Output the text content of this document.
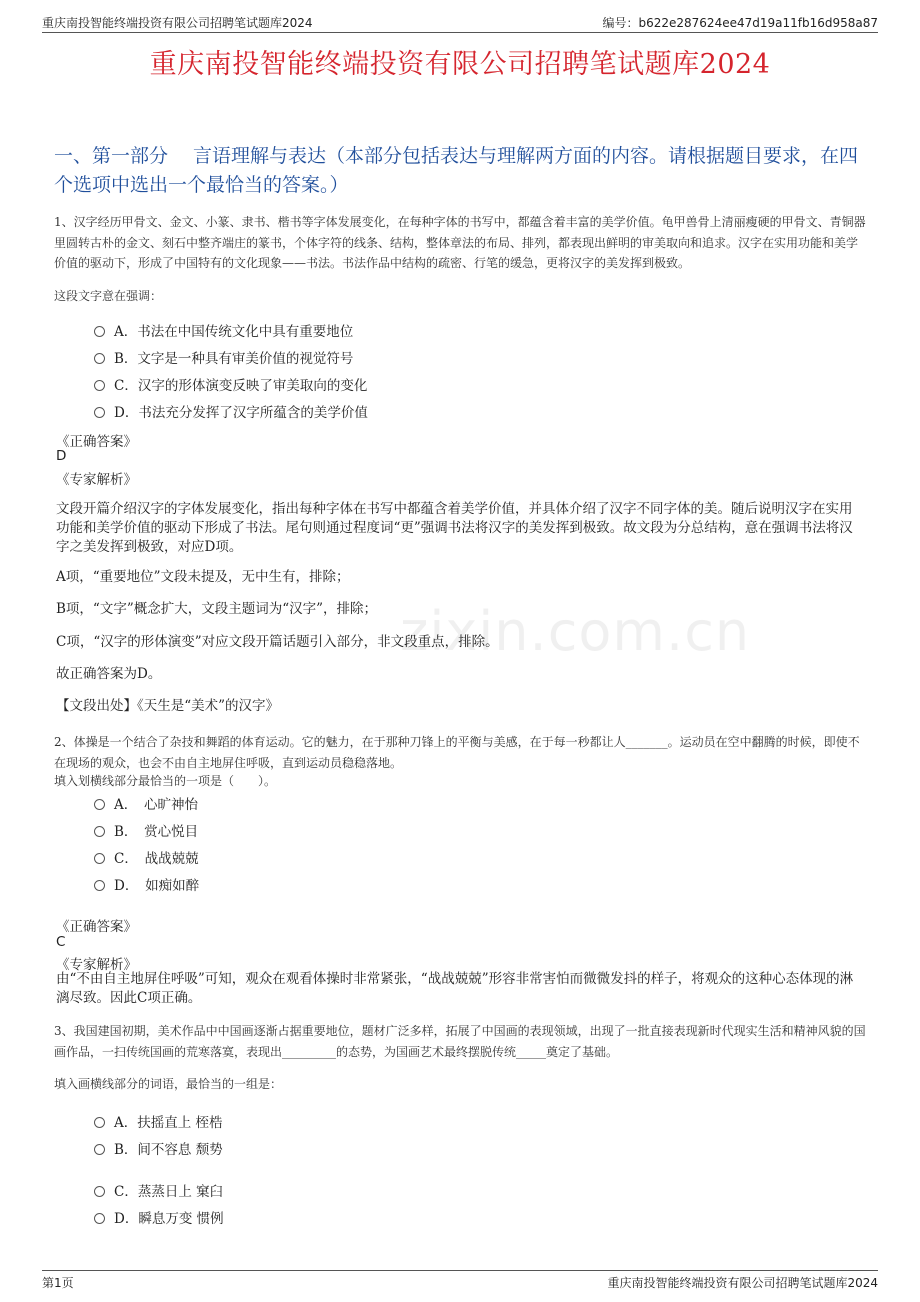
重庆南投智能终端投资有限公司招聘笔试题库2024	编号：b622e287624ee47d19a11fb16d958a87
重庆南投智能终端投资有限公司招聘笔试题库2024
一、第一部分　 言语理解与表达（本部分包括表达与理解两方面的内容。请根据题目要求，在四个选项中选出一个最恰当的答案。）
1、汉字经历甲骨文、金文、小篆、隶书、楷书等字体发展变化，在每种字体的书写中，都蕴含着丰富的美学价值。龟甲兽骨上清丽瘦硬的甲骨文、青铜器里圆转古朴的金文、刻石中整齐端庄的篆书，个体字符的线条、结构，整体章法的布局、排列，都表现出鲜明的审美取向和追求。汉字在实用功能和美学价值的驱动下，形成了中国特有的文化现象——书法。书法作品中结构的疏密、行笔的缓急，更将汉字的美发挥到极致。
这段文字意在强调：
A．书法在中国传统文化中具有重要地位
B．文字是一种具有审美价值的视觉符号
C．汉字的形体演变反映了审美取向的变化
D．书法充分发挥了汉字所蕴含的美学价值
《正确答案》
D
《专家解析》
文段开篇介绍汉字的字体发展变化，指出每种字体在书写中都蕴含着美学价值，并具体介绍了汉字不同字体的美。随后说明汉字在实用功能和美学价值的驱动下形成了书法。尾句则通过程度词“更”强调书法将汉字的美发挥到极致。故文段为分总结构，意在强调书法将汉字之美发挥到极致，对应D项。
A项，“重要地位”文段未提及，无中生有，排除；
B项，“文字”概念扩大，文段主题词为“汉字”，排除；
C项，“汉字的形体演变”对应文段开篇话题引入部分，非文段重点，排除。
故正确答案为D。
【文段出处】《天生是“美术”的汉字》
2、体操是一个结合了杂技和舞蹈的体育运动。它的魅力，在于那种刀锋上的平衡与美感，在于每一秒都让人_______。运动员在空中翻腾的时候，即使不在现场的观众，也会不由自主地屏住呼吸，直到运动员稳稳落地。
填入划横线部分最恰当的一项是（　　）。
A．　心旷神怡
B．　赏心悦目
C．　战战兢兢
D．　如痴如醉
《正确答案》
C
《专家解析》
由“不由自主地屏住呼吸”可知，观众在观看体操时非常紧张，“战战兢兢”形容非常害怕而微微发抖的样子，将观众的这种心态体现的淋漓尽致。因此C项正确。
3、我国建国初期，美术作品中中国画逐渐占据重要地位，题材广泛多样，拓展了中国画的表现领域，出现了一批直接表现新时代现实生活和精神风貌的国画作品，一扫传统国画的荒寒落寞，表现出_________的态势，为国画艺术最终摆脱传统_____奠定了基础。
填入画横线部分的词语，最恰当的一组是：
A．扶摇直上 桎梏
B．间不容息 颓势
C．蒸蒸日上 窠臼
D．瞬息万变 惯例
zixin.com.cn
第1页	重庆南投智能终端投资有限公司招聘笔试题库2024
